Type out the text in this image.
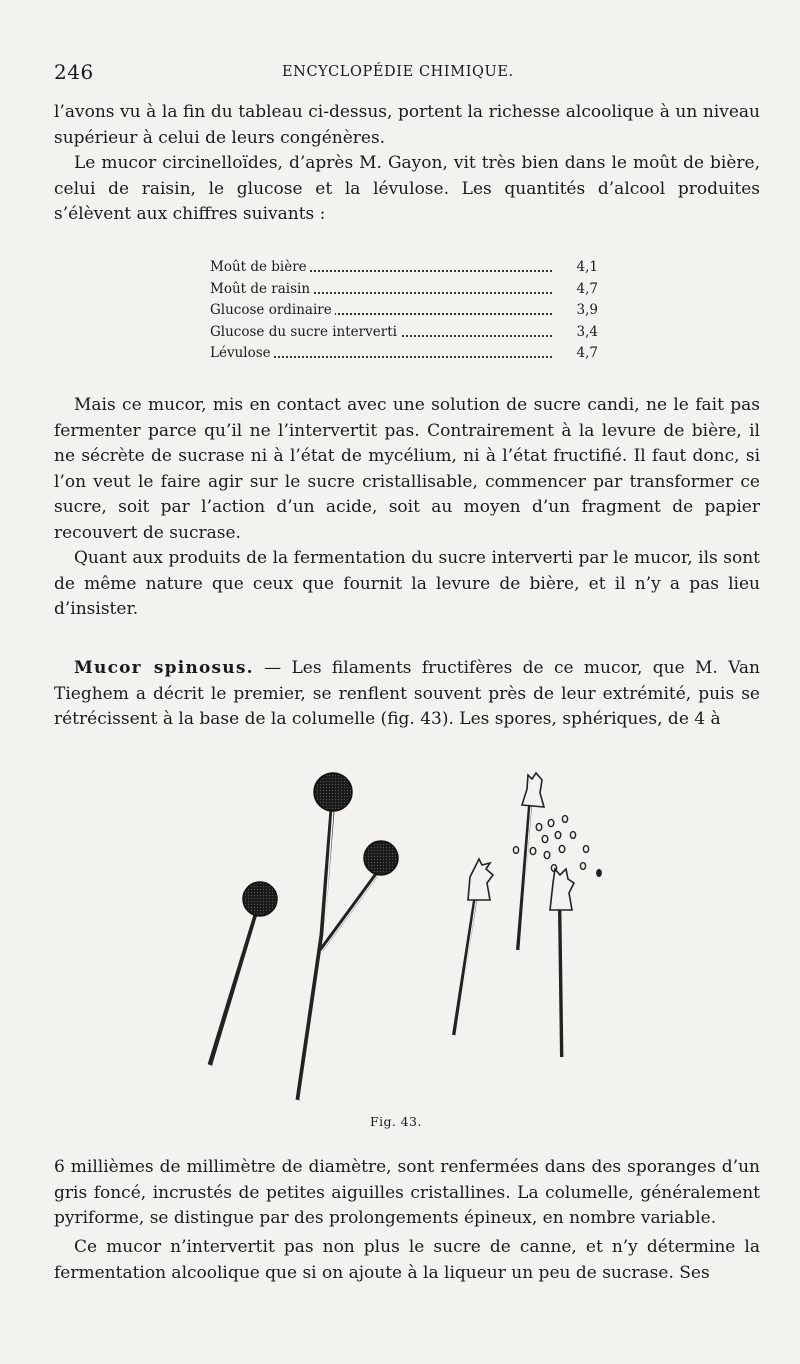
246	ENCYCLOPÉDIE CHIMIQUE.

l’avons vu à la fin du tableau ci-dessus, portent la richesse alcoolique à un niveau supérieur à celui de leurs congénères.

Le mucor circinelloïdes, d’après M. Gayon, vit très bien dans le moût de bière, celui de raisin, le glucose et la lévulose. Les quantités d’alcool produites s’élèvent aux chiffres suivants :

Moût de bière	4,1
Moût de raisin	4,7
Glucose ordinaire	3,9
Glucose du sucre interverti	3,4
Lévulose	4,7

Mais ce mucor, mis en contact avec une solution de sucre candi, ne le fait pas fermenter parce qu’il ne l’intervertit pas. Contrairement à la levure de bière, il ne sécrète de sucrase ni à l’état de mycélium, ni à l’état fructifié. Il faut donc, si l’on veut le faire agir sur le sucre cristallisable, commencer par transformer ce sucre, soit par l’action d’un acide, soit au moyen d’un fragment de papier recouvert de sucrase.

Quant aux produits de la fermentation du sucre interverti par le mucor, ils sont de même nature que ceux que fournit la levure de bière, et il n’y a pas lieu d’insister.

Mucor spinosus. — Les filaments fructifères de ce mucor, que M. Van Tieghem a décrit le premier, se renflent souvent près de leur extrémité, puis se rétrécissent à la base de la columelle (fig. 43). Les spores, sphériques, de 4 à

Fig. 43.

6 millièmes de millimètre de diamètre, sont renfermées dans des sporanges d’un gris foncé, incrustés de petites aiguilles cristallines. La columelle, généralement pyriforme, se distingue par des prolongements épineux, en nombre variable.

Ce mucor n’intervertit pas non plus le sucre de canne, et n’y détermine la fermentation alcoolique que si on ajoute à la liqueur un peu de sucrase. Ses
